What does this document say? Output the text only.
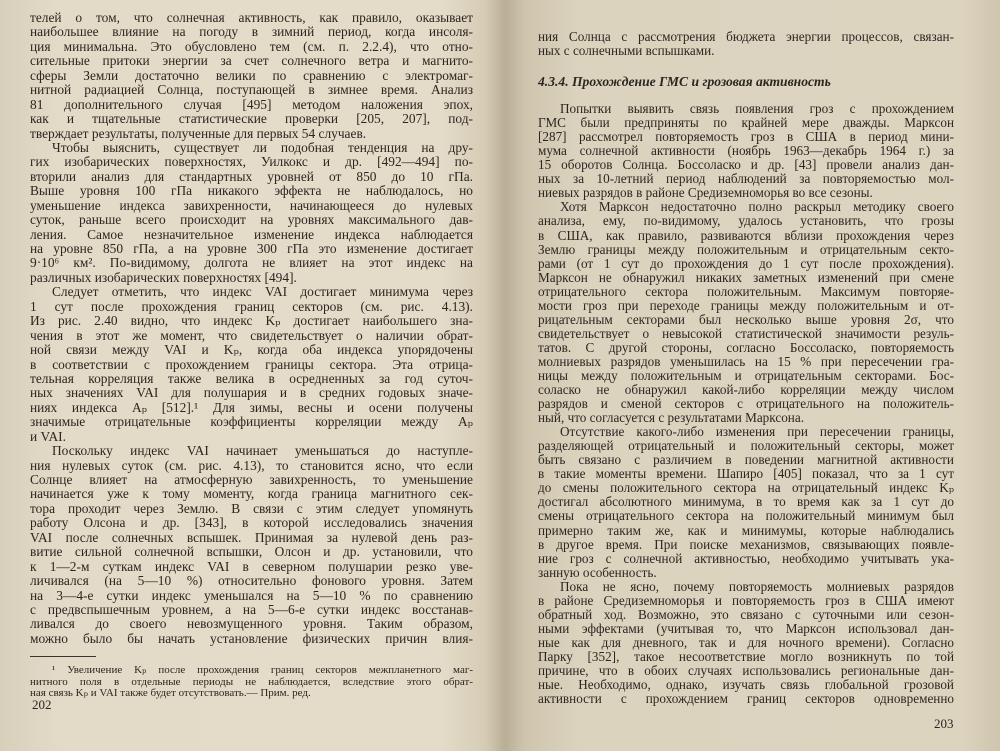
телей о том, что солнечная активность, как правило, оказывает
наибольшее влияние на погоду в зимний период, когда инсоля-
ция минимальна. Это обусловлено тем (см. п. 2.2.4), что отно-
сительные притоки энергии за счет солнечного ветра и магнито-
сферы Земли достаточно велики по сравнению с электромаг-
нитной радиацией Солнца, поступающей в зимнее время. Анализ
81 дополнительного случая [495] методом наложения эпох,
как и тщательные статистические проверки [205, 207], под-
тверждает результаты, полученные для первых 54 случаев.
Чтобы выяснить, существует ли подобная тенденция на дру-
гих изобарических поверхностях, Уилкокс и др. [492—494] по-
вторили анализ для стандартных уровней от 850 до 10 гПа.
Выше уровня 100 гПа никакого эффекта не наблюдалось, но
уменьшение индекса завихренности, начинающееся до нулевых
суток, раньше всего происходит на уровнях максимального дав-
ления. Самое незначительное изменение индекса наблюдается
на уровне 850 гПа, а на уровне 300 гПа это изменение достигает
9·10⁶ км². По-видимому, долгота не влияет на этот индекс на
различных изобарических поверхностях [494].
Следует отметить, что индекс VAI достигает минимума через
1 сут после прохождения границ секторов (см. рис. 4.13).
Из рис. 2.40 видно, что индекс Kₚ достигает наибольшего зна-
чения в этот же момент, что свидетельствует о наличии обрат-
ной связи между VAI и Kₚ, когда оба индекса упорядочены
в соответствии с прохождением границы сектора. Эта отрица-
тельная корреляция также велика в осредненных за год суточ-
ных значениях VAI для полушария и в средних годовых значе-
ниях индекса Aₚ [512].¹ Для зимы, весны и осени получены
значимые отрицательные коэффициенты корреляции между Aₚ
и VAI.
Поскольку индекс VAI начинает уменьшаться до наступле-
ния нулевых суток (см. рис. 4.13), то становится ясно, что если
Солнце влияет на атмосферную завихренность, то уменьшение
начинается уже к тому моменту, когда граница магнитного сек-
тора проходит через Землю. В связи с этим следует упомянуть
работу Олсона и др. [343], в которой исследовались значения
VAI после солнечных вспышек. Принимая за нулевой день раз-
витие сильной солнечной вспышки, Олсон и др. установили, что
к 1—2-м суткам индекс VAI в северном полушарии резко уве-
личивался (на 5—10 %) относительно фонового уровня. Затем
на 3—4-е сутки индекс уменьшался на 5—10 % по сравнению
с предвспышечным уровнем, а на 5—6-е сутки индекс восстанав-
ливался до своего невозмущенного уровня. Таким образом,
можно было бы начать установление физических причин влия-
¹ Увеличение Kₚ после прохождения границ секторов межпланетного маг-
нитного поля в отдельные периоды не наблюдается, вследствие этого обрат-
ная связь Kₚ и VAI также будет отсутствовать.— Прим. ред.
202
ния Солнца с рассмотрения бюджета энергии процессов, связан-
ных с солнечными вспышками.
4.3.4. Прохождение ГМС и грозовая активность
Попытки выявить связь появления гроз с прохождением
ГМС были предприняты по крайней мере дважды. Марксон
[287] рассмотрел повторяемость гроз в США в период мини-
мума солнечной активности (ноябрь 1963—декабрь 1964 г.) за
15 оборотов Солнца. Боссоласко и др. [43] провели анализ дан-
ных за 10-летний период наблюдений за повторяемостью мол-
ниевых разрядов в районе Средиземноморья во все сезоны.
Хотя Марксон недостаточно полно раскрыл методику своего
анализа, ему, по-видимому, удалось установить, что грозы
в США, как правило, развиваются вблизи прохождения через
Землю границы между положительным и отрицательным секто-
рами (от 1 сут до прохождения до 1 сут после прохождения).
Марксон не обнаружил никаких заметных изменений при смене
отрицательного сектора положительным. Максимум повторяе-
мости гроз при переходе границы между положительным и от-
рицательным секторами был несколько выше уровня 2σ, что
свидетельствует о невысокой статистической значимости резуль-
татов. С другой стороны, согласно Боссоласко, повторяемость
молниевых разрядов уменьшилась на 15 % при пересечении гра-
ницы между положительным и отрицательным секторами. Бос-
соласко не обнаружил какой-либо корреляции между числом
разрядов и сменой секторов с отрицательного на положитель-
ный, что согласуется с результатами Марксона.
Отсутствие какого-либо изменения при пересечении границы,
разделяющей отрицательный и положительный секторы, может
быть связано с различием в поведении магнитной активности
в такие моменты времени. Шапиро [405] показал, что за 1 сут
до смены положительного сектора на отрицательный индекс Kₚ
достигал абсолютного минимума, в то время как за 1 сут до
смены отрицательного сектора на положительный минимум был
примерно таким же, как и минимумы, которые наблюдались
в другое время. При поиске механизмов, связывающих появле-
ние гроз с солнечной активностью, необходимо учитывать ука-
занную особенность.
Пока не ясно, почему повторяемость молниевых разрядов
в районе Средиземноморья и повторяемость гроз в США имеют
обратный ход. Возможно, это связано с суточными или сезон-
ными эффектами (учитывая то, что Марксон использовал дан-
ные как для дневного, так и для ночного времени). Согласно
Парку [352], такое несоответствие могло возникнуть по той
причине, что в обоих случаях использовались региональные дан-
ные. Необходимо, однако, изучать связь глобальной грозовой
активности с прохождением границ секторов одновременно
203
